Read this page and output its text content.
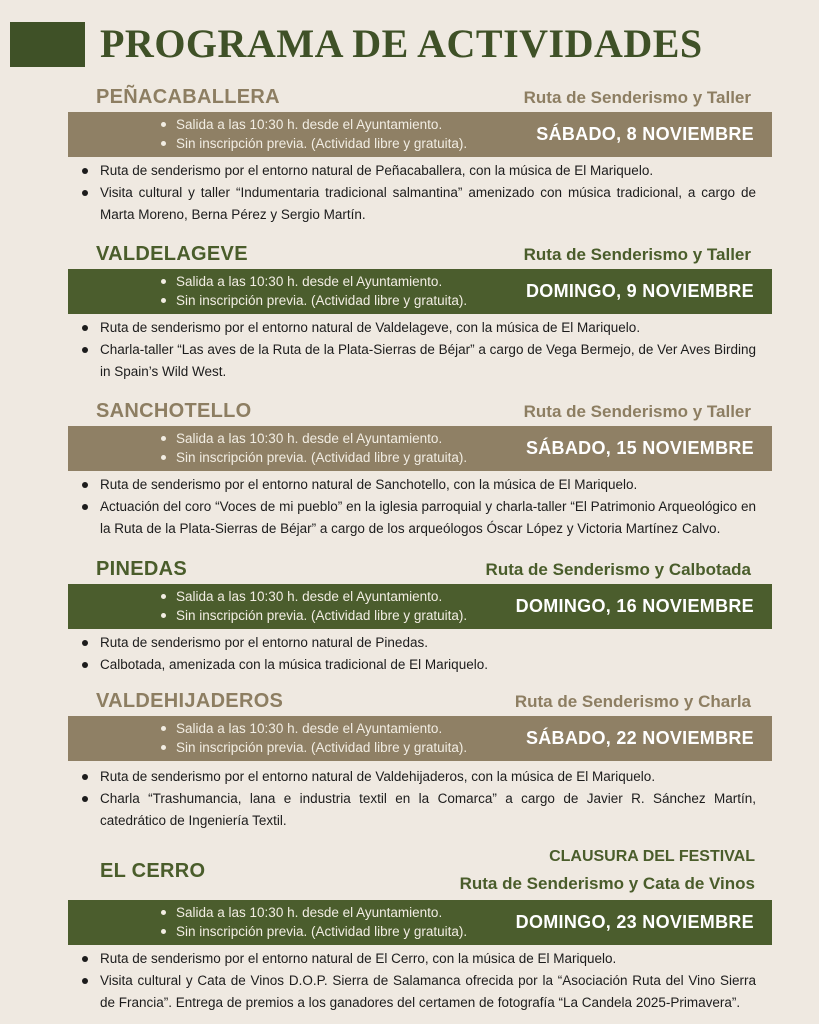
PROGRAMA DE ACTIVIDADES
PEÑACABALLERA	Ruta de Senderismo y Taller
Salida a las 10:30 h. desde el Ayuntamiento.
Sin inscripción previa. (Actividad libre y gratuita).	SÁBADO, 8 NOVIEMBRE
Ruta de senderismo por el entorno natural de Peñacaballera, con la música de El Mariquelo.
Visita cultural y taller “Indumentaria tradicional salmantina” amenizado con música tradicional, a cargo de Marta Moreno, Berna Pérez y Sergio Martín.
VALDELAGEVE	Ruta de Senderismo y Taller
Salida a las 10:30 h. desde el Ayuntamiento.
Sin inscripción previa. (Actividad libre y gratuita).	DOMINGO, 9 NOVIEMBRE
Ruta de senderismo por el entorno natural de Valdelageve, con la música de El Mariquelo.
Charla-taller “Las aves de la Ruta de la Plata-Sierras de Béjar” a cargo de Vega Bermejo, de Ver Aves Birding in Spain’s Wild West.
SANCHOTELLO	Ruta de Senderismo y Taller
Salida a las 10:30 h. desde el Ayuntamiento.
Sin inscripción previa. (Actividad libre y gratuita).	SÁBADO, 15 NOVIEMBRE
Ruta de senderismo por el entorno natural de Sanchotello, con la música de El Mariquelo.
Actuación del coro “Voces de mi pueblo” en la iglesia parroquial y charla-taller “El Patrimonio Arqueológico en la Ruta de la Plata-Sierras de Béjar” a cargo de los arqueólogos Óscar López y Victoria Martínez Calvo.
PINEDAS	Ruta de Senderismo y Calbotada
Salida a las 10:30 h. desde el Ayuntamiento.
Sin inscripción previa. (Actividad libre y gratuita).	DOMINGO, 16 NOVIEMBRE
Ruta de senderismo por el entorno natural de Pinedas.
Calbotada, amenizada con la música tradicional de El Mariquelo.
VALDEHIJADEROS	Ruta de Senderismo y Charla
Salida a las 10:30 h. desde el Ayuntamiento.
Sin inscripción previa. (Actividad libre y gratuita).	SÁBADO, 22 NOVIEMBRE
Ruta de senderismo por el entorno natural de Valdehijaderos, con la música de El Mariquelo.
Charla “Trashumancia, lana e industria textil en la Comarca” a cargo de Javier R. Sánchez Martín, catedrático de Ingeniería Textil.
CLAUSURA DEL FESTIVAL
EL CERRO
Ruta de Senderismo y Cata de Vinos
Salida a las 10:30 h. desde el Ayuntamiento.
Sin inscripción previa. (Actividad libre y gratuita).	DOMINGO, 23 NOVIEMBRE
Ruta de senderismo por el entorno natural de El Cerro, con la música de El Mariquelo.
Visita cultural y Cata de Vinos D.O.P. Sierra de Salamanca ofrecida por la “Asociación Ruta del Vino Sierra de Francia”. Entrega de premios a los ganadores del certamen de fotografía “La Candela 2025-Primavera”.
